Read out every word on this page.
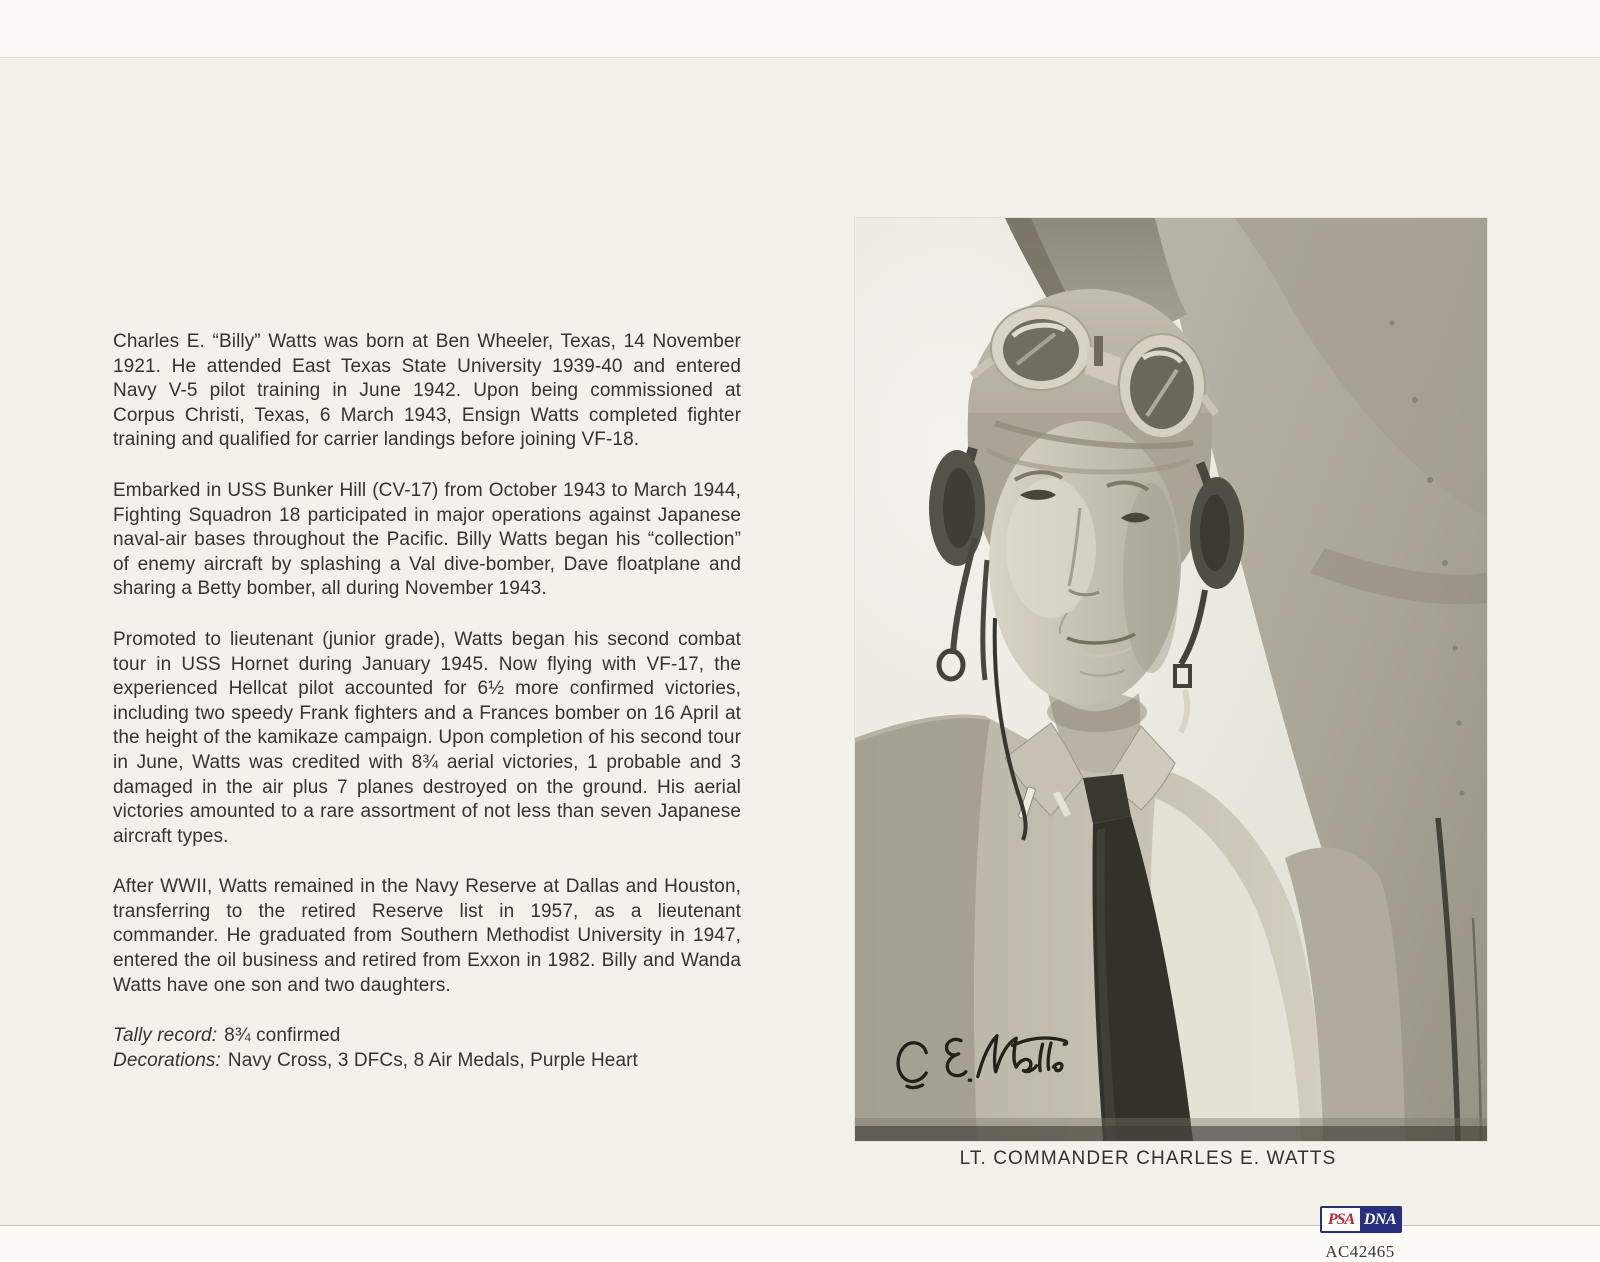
Charles E. “Billy” Watts was born at Ben Wheeler, Texas, 14 November 1921. He attended East Texas State University 1939-40 and entered Navy V-5 pilot training in June 1942. Upon being commissioned at Corpus Christi, Texas, 6 March 1943, Ensign Watts completed fighter training and qualified for carrier landings before joining VF-18.

Embarked in USS Bunker Hill (CV-17) from October 1943 to March 1944, Fighting Squadron 18 participated in major operations against Japanese naval-air bases throughout the Pacific. Billy Watts began his “collection” of enemy aircraft by splashing a Val dive-bomber, Dave floatplane and sharing a Betty bomber, all during November 1943.

Promoted to lieutenant (junior grade), Watts began his second combat tour in USS Hornet during January 1945. Now flying with VF-17, the experienced Hellcat pilot accounted for 6½ more confirmed victories, including two speedy Frank fighters and a Frances bomber on 16 April at the height of the kamikaze campaign. Upon completion of his second tour in June, Watts was credited with 8¾ aerial victories, 1 probable and 3 damaged in the air plus 7 planes destroyed on the ground. His aerial victories amounted to a rare assortment of not less than seven Japanese aircraft types.

After WWII, Watts remained in the Navy Reserve at Dallas and Houston, transferring to the retired Reserve list in 1957, as a lieutenant commander. He graduated from Southern Methodist University in 1947, entered the oil business and retired from Exxon in 1982. Billy and Wanda Watts have one son and two daughters.

Tally record: 8¾ confirmed

Decorations: Navy Cross, 3 DFCs, 8 Air Medals, Purple Heart

LT. COMMANDER CHARLES E. WATTS
PSA DNA
AC42465
